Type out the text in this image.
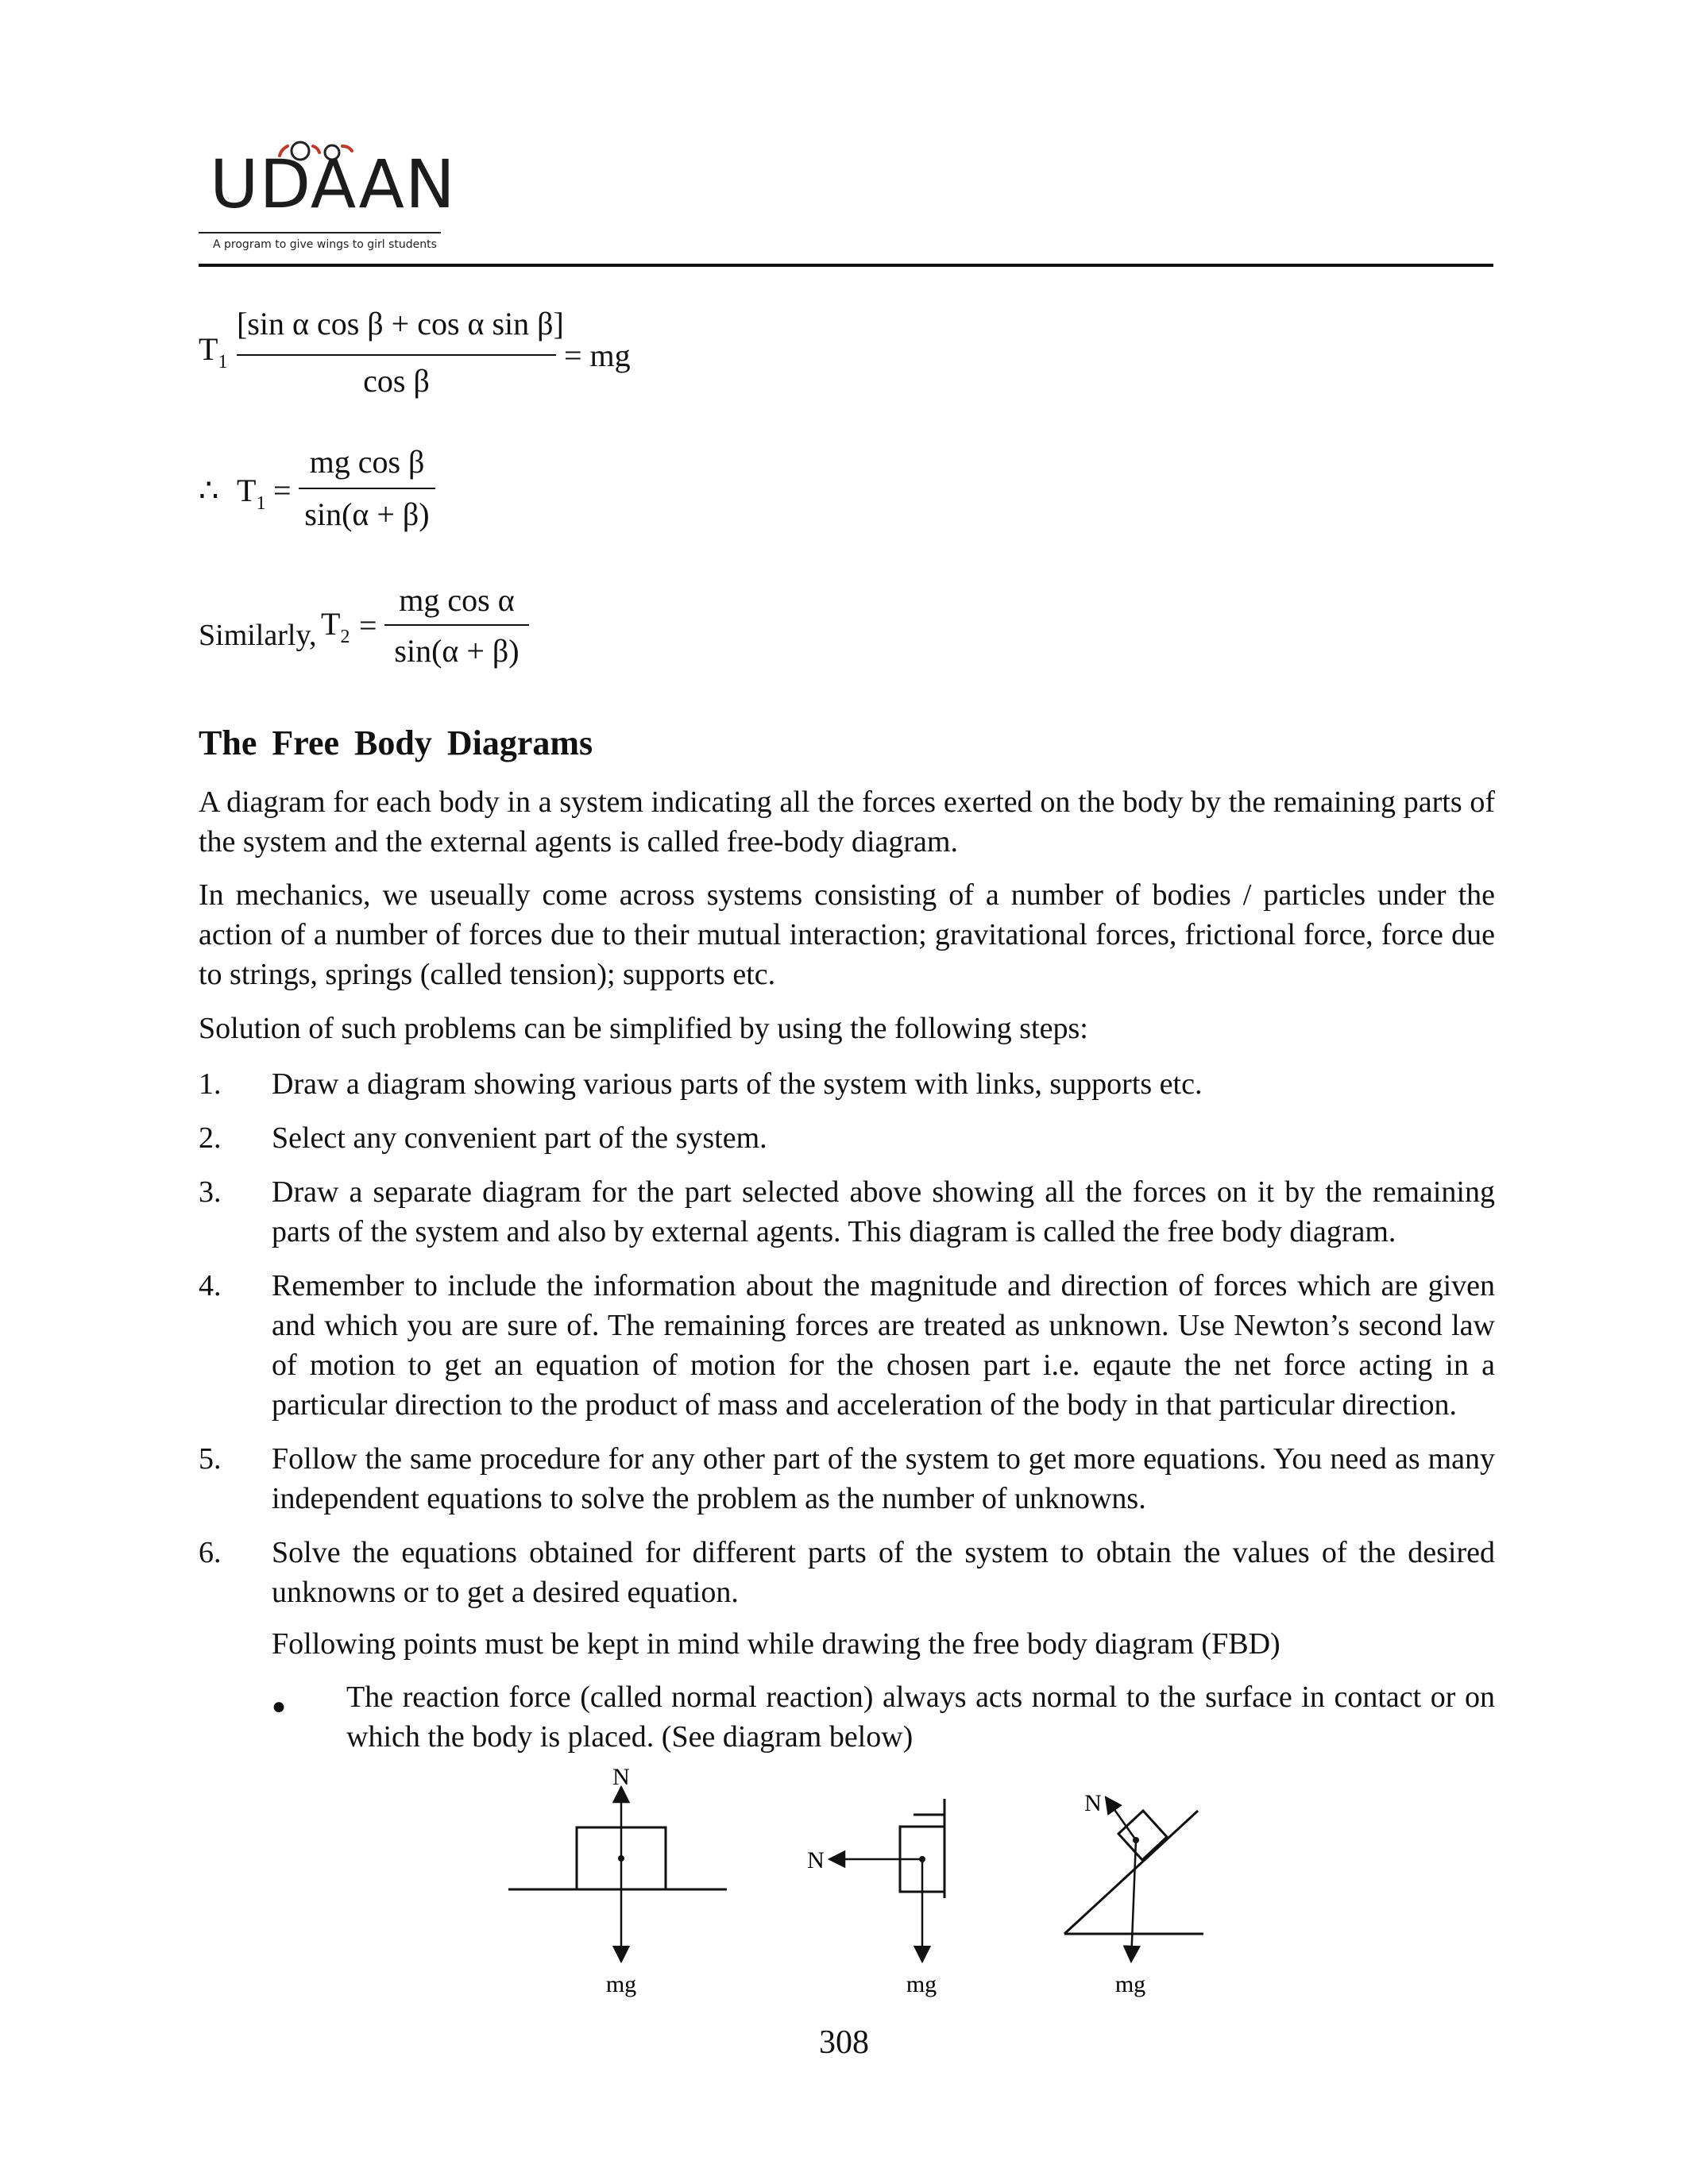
UDAAN
A program to give wings to girl students
$T_1$
[sin α cos β + cos α sin β]
cos β
= mg
∴ $T_1$ =
mg cos β
sin(α + β)
Similarly, $T_2$ =
mg cos α
sin(α + β)
The Free Body Diagrams

A diagram for each body in a system indicating all the forces exerted on the body by the remaining parts of the system and the external agents is called free-body diagram.

In mechanics, we useually come across systems consisting of a number of bodies / particles under the action of a number of forces due to their mutual interaction; gravitational forces, frictional force, force due to strings, springs (called tension); supports etc.

Solution of such problems can be simplified by using the following steps:

1. Draw a diagram showing various parts of the system with links, supports etc.
2. Select any convenient part of the system.
3. Draw a separate diagram for the part selected above showing all the forces on it by the remaining parts of the system and also by external agents. This diagram is called the free body diagram.
4. Remember to include the information about the magnitude and direction of forces which are given and which you are sure of. The remaining forces are treated as unknown. Use Newton’s second law of motion to get an equation of motion for the chosen part i.e. eqaute the net force acting in a particular direction to the product of mass and acceleration of the body in that particular direction.
5. Follow the same procedure for any other part of the system to get more equations. You need as many independent equations to solve the problem as the number of unknowns.
6. Solve the equations obtained for different parts of the system to obtain the values of the desired unknowns or to get a desired equation.
Following points must be kept in mind while drawing the free body diagram (FBD)
● The reaction force (called normal reaction) always acts normal to the surface in contact or on which the body is placed. (See diagram below)
N
mg
N
mg
N
mg
308
